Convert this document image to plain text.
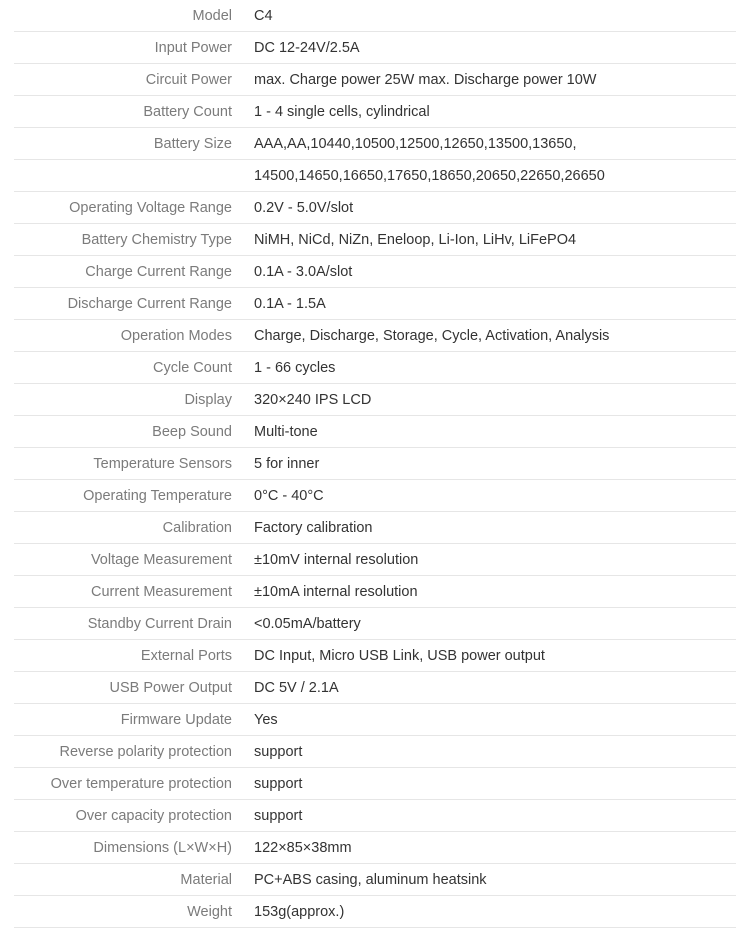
Model C4
Input Power DC 12-24V/2.5A
Circuit Power max. Charge power 25W max. Discharge power 10W
Battery Count 1 - 4 single cells, cylindrical
Battery Size AAA,AA,10440,10500,12500,12650,13500,13650,
14500,14650,16650,17650,18650,20650,22650,26650
Operating Voltage Range 0.2V - 5.0V/slot
Battery Chemistry Type NiMH, NiCd, NiZn, Eneloop, Li-Ion, LiHv, LiFePO4
Charge Current Range 0.1A - 3.0A/slot
Discharge Current Range 0.1A - 1.5A
Operation Modes Charge, Discharge, Storage, Cycle, Activation, Analysis
Cycle Count 1 - 66 cycles
Display 320×240 IPS LCD
Beep Sound Multi-tone
Temperature Sensors 5 for inner
Operating Temperature 0°C - 40°C
Calibration Factory calibration
Voltage Measurement ±10mV internal resolution
Current Measurement ±10mA internal resolution
Standby Current Drain <0.05mA/battery
External Ports DC Input, Micro USB Link, USB power output
USB Power Output DC 5V / 2.1A
Firmware Update Yes
Reverse polarity protection support
Over temperature protection support
Over capacity protection support
Dimensions (L×W×H) 122×85×38mm
Material PC+ABS casing, aluminum heatsink
Weight 153g(approx.)
